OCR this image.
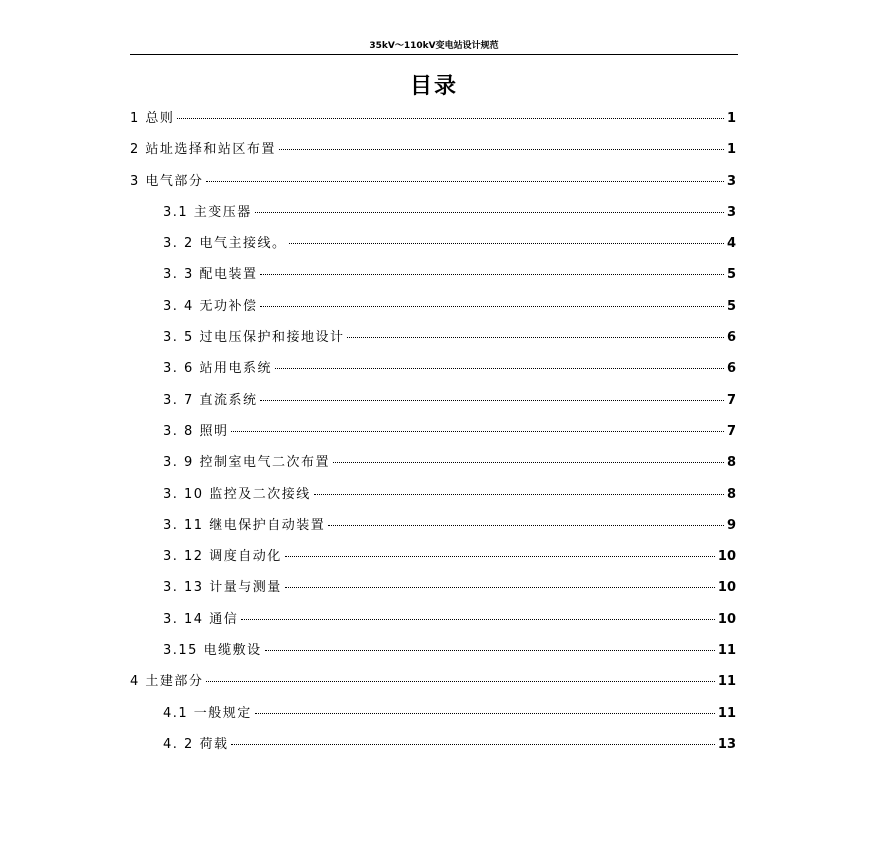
35kV～110kV变电站设计规范
目录
1 总则	1
2 站址选择和站区布置	1
3 电气部分	3
3.1 主变压器	3
3. 2 电气主接线。	4
3. 3 配电装置	5
3. 4 无功补偿	5
3. 5 过电压保护和接地设计	6
3. 6 站用电系统	6
3. 7 直流系统	7
3. 8 照明	7
3. 9 控制室电气二次布置	8
3. 10 监控及二次接线	8
3. 11 继电保护自动装置	9
3. 12 调度自动化	10
3. 13 计量与测量	10
3. 14 通信	10
3.15 电缆敷设	11
4 土建部分	11
4.1 一般规定	11
4. 2 荷载	13
